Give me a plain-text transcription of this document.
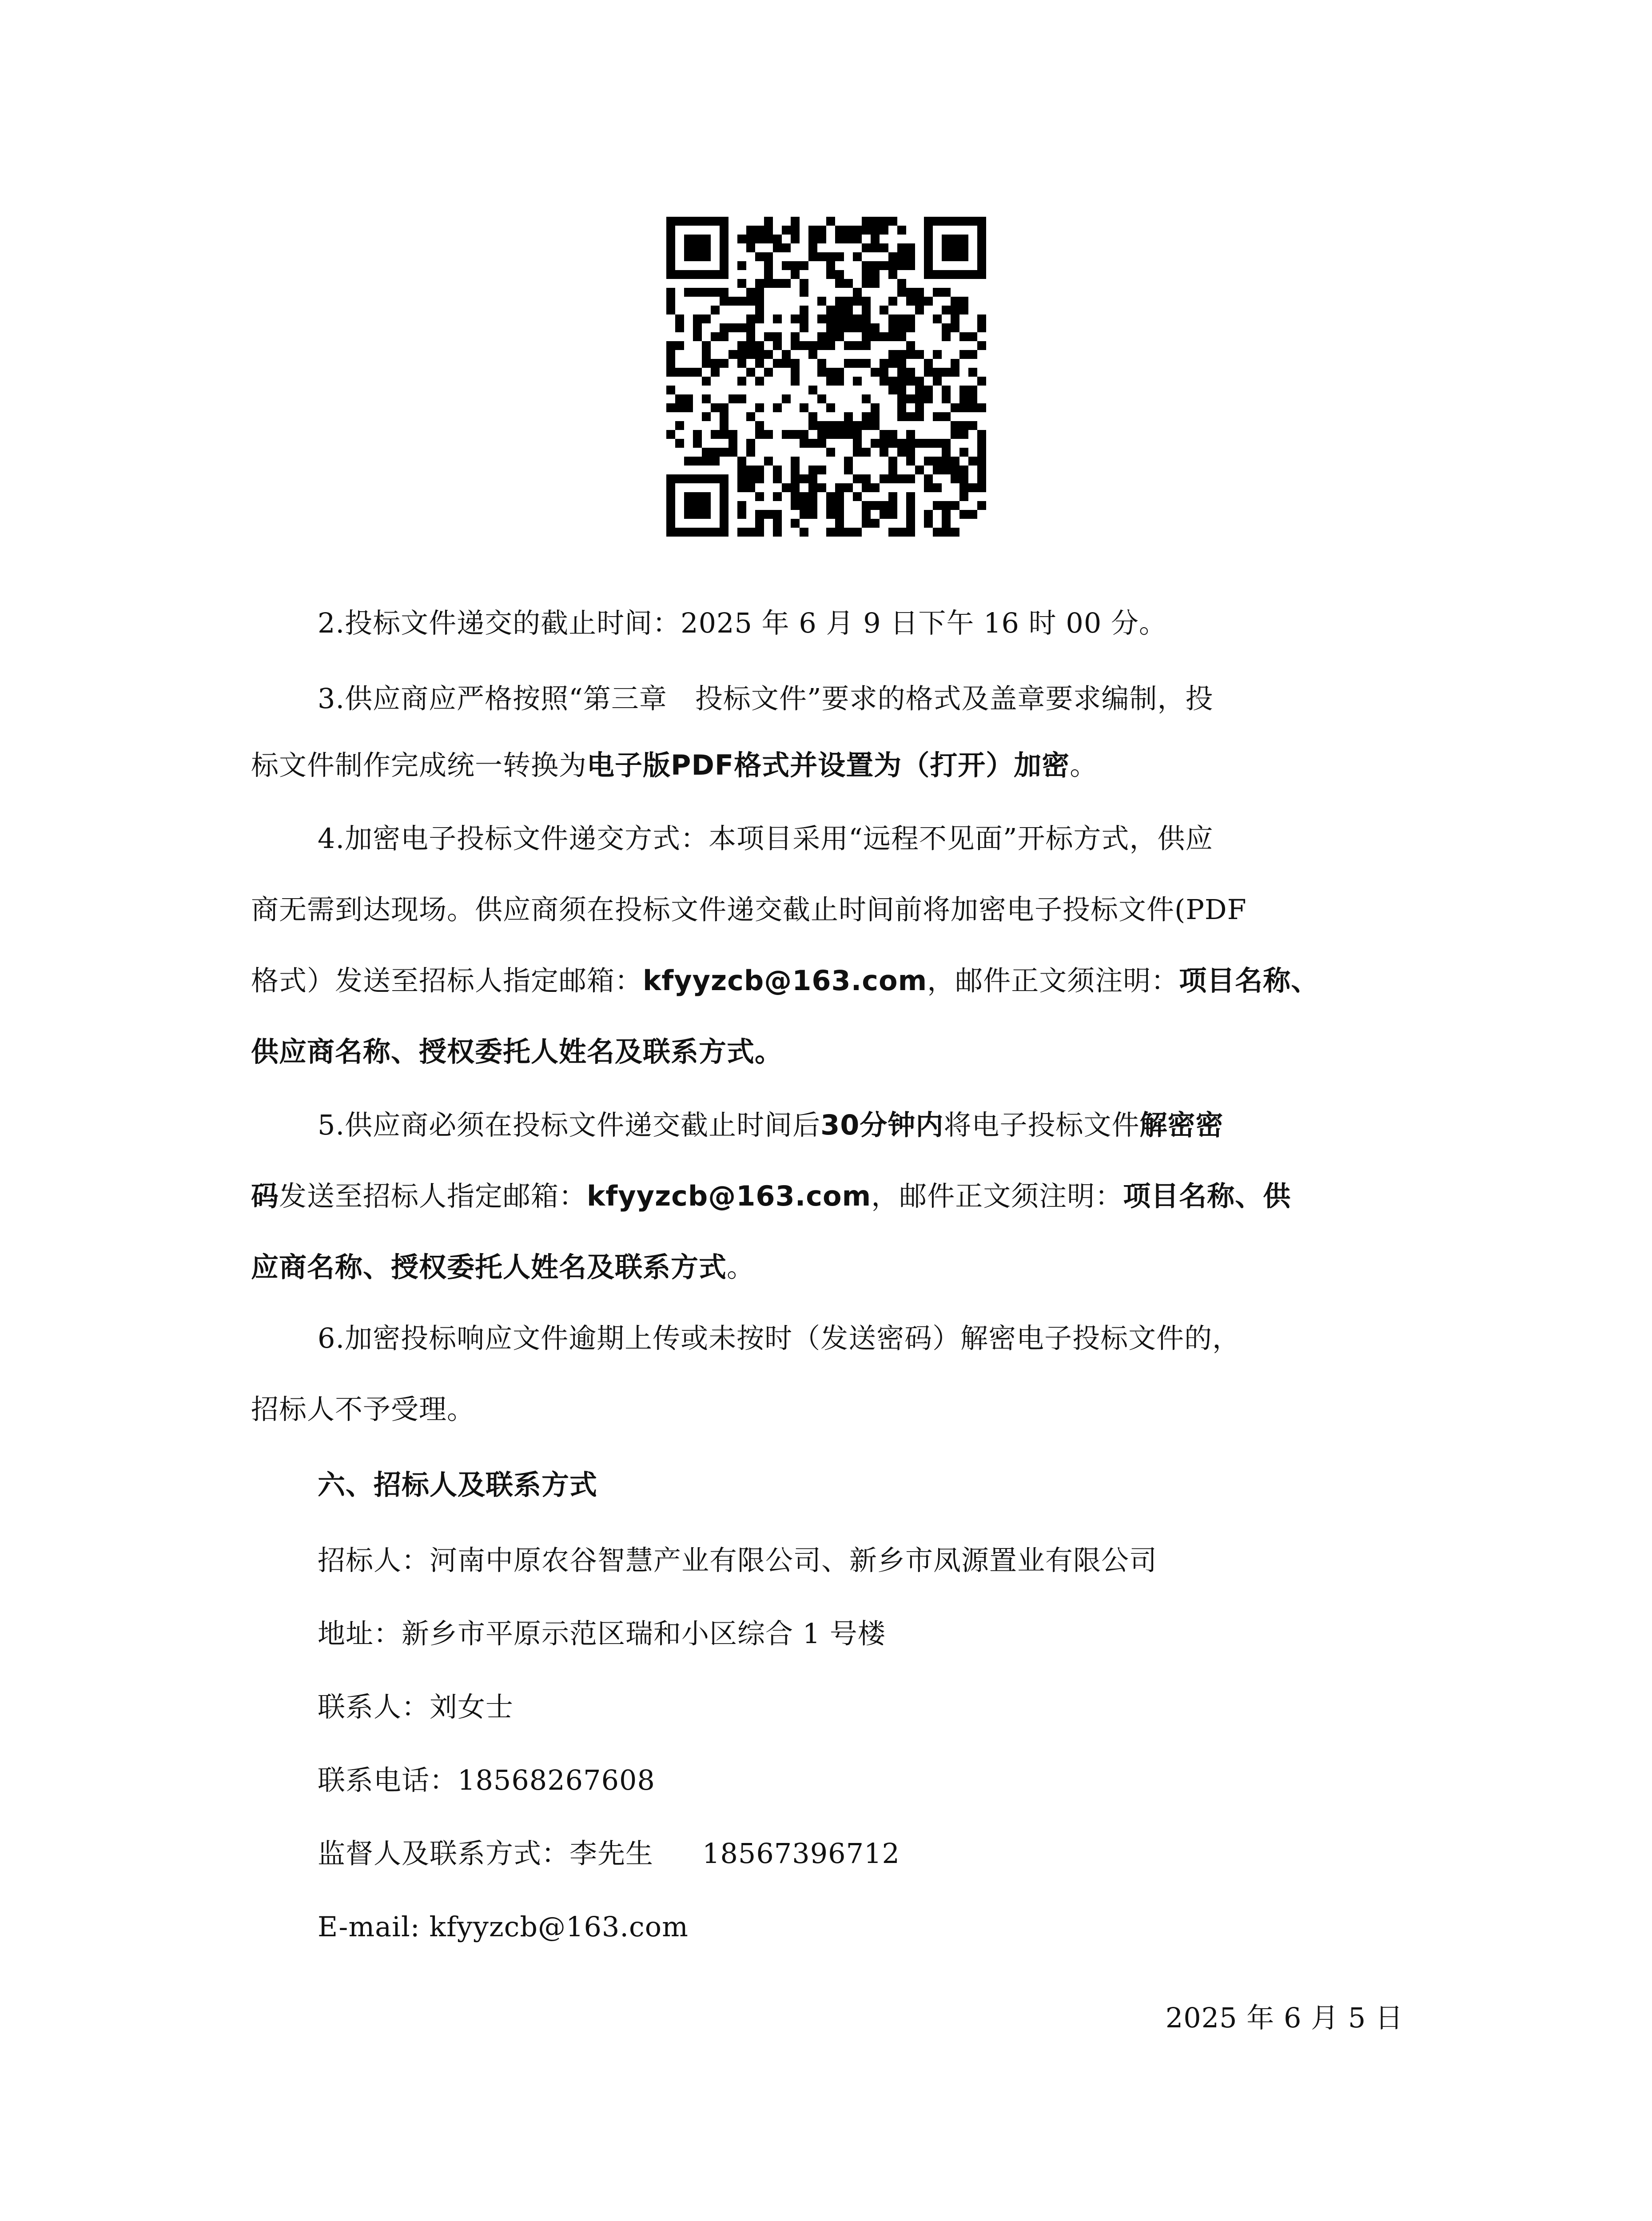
2.投标文件递交的截止时间：2025 年 6 月 9 日下午 16 时 00 分。
3.供应商应严格按照“第三章　投标文件”要求的格式及盖章要求编制，投
标文件制作完成统一转换为电子版PDF格式并设置为（打开）加密。
4.加密电子投标文件递交方式：本项目采用“远程不见面”开标方式，供应
商无需到达现场。供应商须在投标文件递交截止时间前将加密电子投标文件(PDF
格式）发送至招标人指定邮箱：kfyyzcb@163.com，邮件正文须注明：项目名称、
供应商名称、授权委托人姓名及联系方式。
5.供应商必须在投标文件递交截止时间后30分钟内将电子投标文件解密密
码发送至招标人指定邮箱：kfyyzcb@163.com，邮件正文须注明：项目名称、供
应商名称、授权委托人姓名及联系方式。
6.加密投标响应文件逾期上传或未按时（发送密码）解密电子投标文件的，
招标人不予受理。
六、招标人及联系方式
招标人：河南中原农谷智慧产业有限公司、新乡市凤源置业有限公司
地址：新乡市平原示范区瑞和小区综合 1 号楼
联系人：刘女士
联系电话：18568267608
监督人及联系方式：李先生 18567396712
E-mail: kfyyzcb@163.com
2025 年 6 月 5 日
